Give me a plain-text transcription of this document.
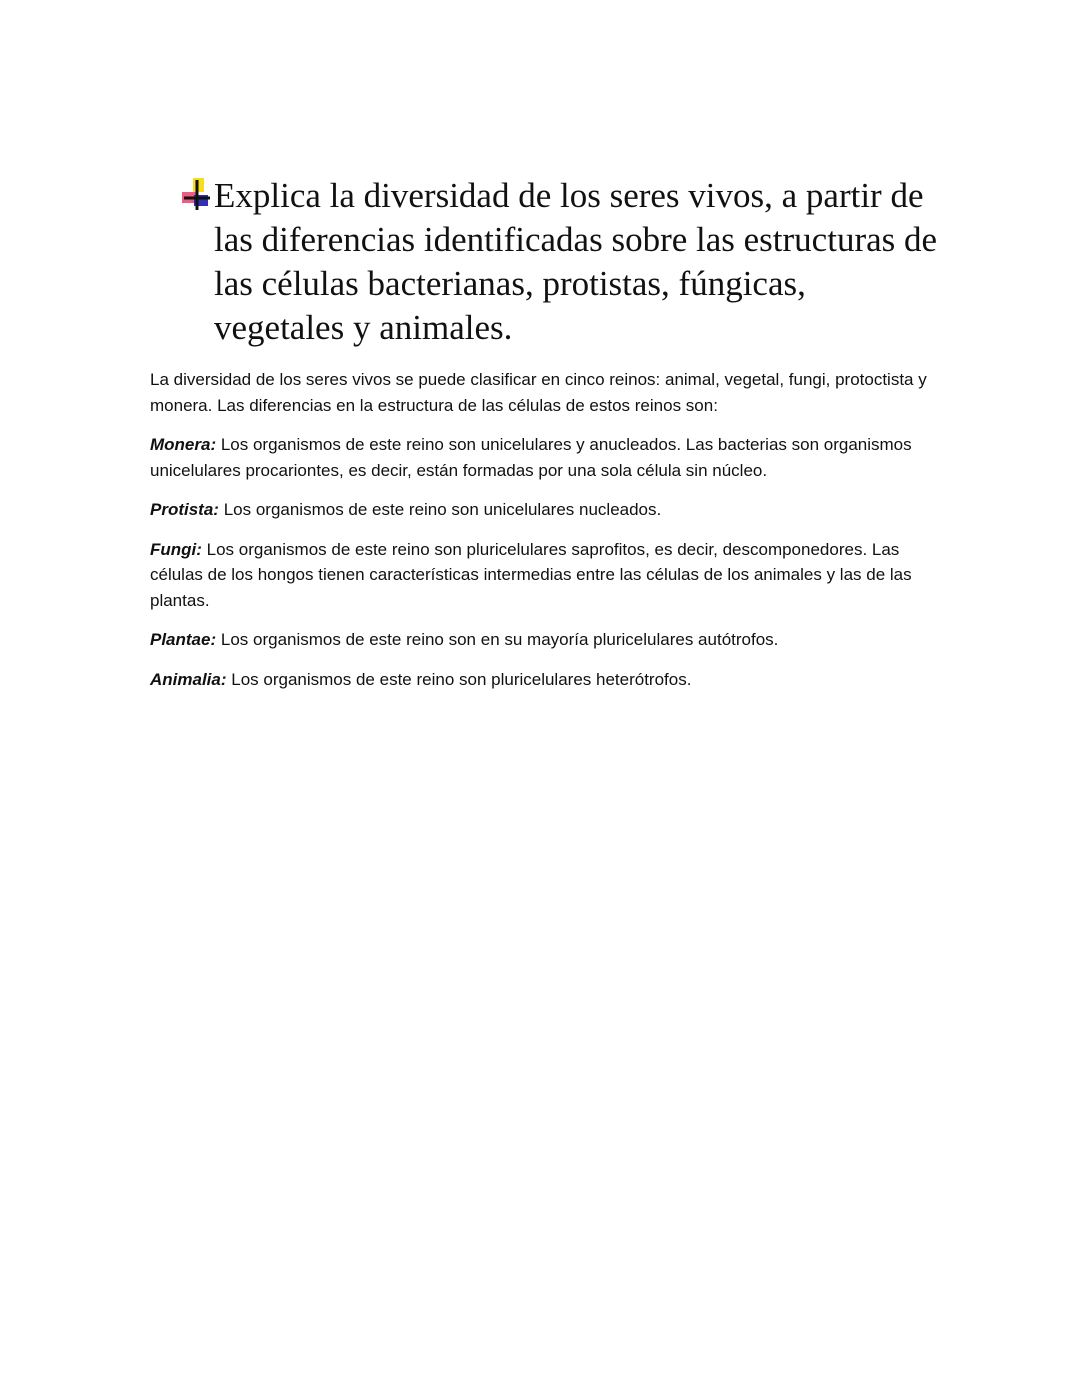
Explica la diversidad de los seres vivos, a partir de las diferencias identificadas sobre las estructuras de las células bacterianas, protistas, fúngicas, vegetales y animales.

La diversidad de los seres vivos se puede clasificar en cinco reinos: animal, vegetal, fungi, protoctista y monera. Las diferencias en la estructura de las células de estos reinos son:

Monera: Los organismos de este reino son unicelulares y anucleados. Las bacterias son organismos unicelulares procariontes, es decir, están formadas por una sola célula sin núcleo.

Protista: Los organismos de este reino son unicelulares nucleados.

Fungi: Los organismos de este reino son pluricelulares saprofitos, es decir, descomponedores. Las células de los hongos tienen características intermedias entre las células de los animales y las de las plantas.

Plantae: Los organismos de este reino son en su mayoría pluricelulares autótrofos.

Animalia: Los organismos de este reino son pluricelulares heterótrofos.
